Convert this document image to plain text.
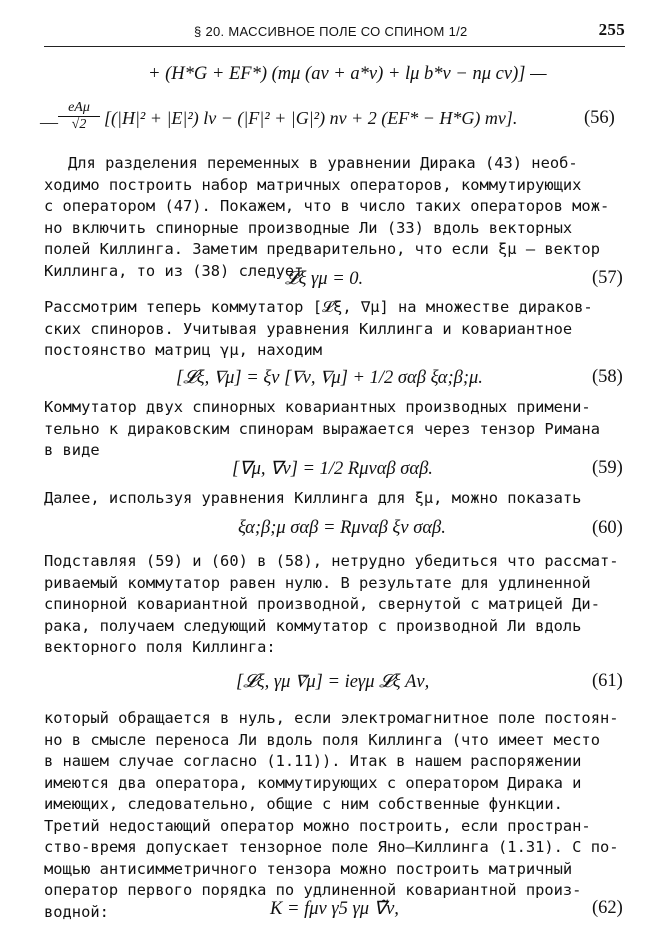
§ 20. МАССИВНОЕ ПОЛЕ СО СПИНОМ 1/2	255
+ (H*G + EF*) (mμ (aν + a*ν) + lμ b*ν − nμ cν)] —
—
eAμ
√2 [(|H|² + |E|²) lν − (|F|² + |G|²) nν + 2 (EF* − H*G) mν].	(56)
Для разделения переменных в уравнении Дирака (43) необ-
ходимо построить набор матричных операторов, коммутирующих
с оператором (47). Покажем, что в число таких операторов мож-
но включить спинорные производные Ли (33) вдоль векторных
полей Киллинга. Заметим предварительно, что если ξμ — вектор
Киллинга, то из (38) следует
𝓛ξ γμ = 0.	(57)
Рассмотрим теперь коммутатор [𝓛ξ, ∇μ] на множестве дираков-
ских спиноров. Учитывая уравнения Киллинга и ковариантное
постоянство матриц γμ, находим
[𝓛ξ, ∇μ] = ξν [∇ν, ∇μ] + 1/2 σαβ ξα;β;μ.	(58)
Коммутатор двух спинорных ковариантных производных примени-
тельно к дираковским спинорам выражается через тензор Римана
в виде
[∇μ, ∇ν] = 1/2 Rμναβ σαβ.	(59)
Далее, используя уравнения Киллинга для ξμ, можно показать
ξα;β;μ σαβ = Rμναβ ξν σαβ.	(60)
Подставляя (59) и (60) в (58), нетрудно убедиться что рассмат-
риваемый коммутатор равен нулю. В результате для удлиненной
спинорной ковариантной производной, свернутой с матрицей Ди-
рака, получаем следующий коммутатор с производной Ли вдоль
векторного поля Киллинга:
[𝓛ξ, γμ ∇̃μ] = ieγμ 𝓛ξ Aν,	(61)
который обращается в нуль, если электромагнитное поле постоян-
но в смысле переноса Ли вдоль поля Киллинга (что имеет место
в нашем случае согласно (1.11)). Итак в нашем распоряжении
имеются два оператора, коммутирующих с оператором Дирака и
имеющих, следовательно, общие с ним собственные функции.
Третий недостающий оператор можно построить, если простран-
ство-время допускает тензорное поле Яно—Киллинга (1.31). С по-
мощью антисимметричного тензора можно построить матричный
оператор первого порядка по удлиненной ковариантной произ-
водной:	K = fμν γ5 γμ ∇̃ν,	(62)
